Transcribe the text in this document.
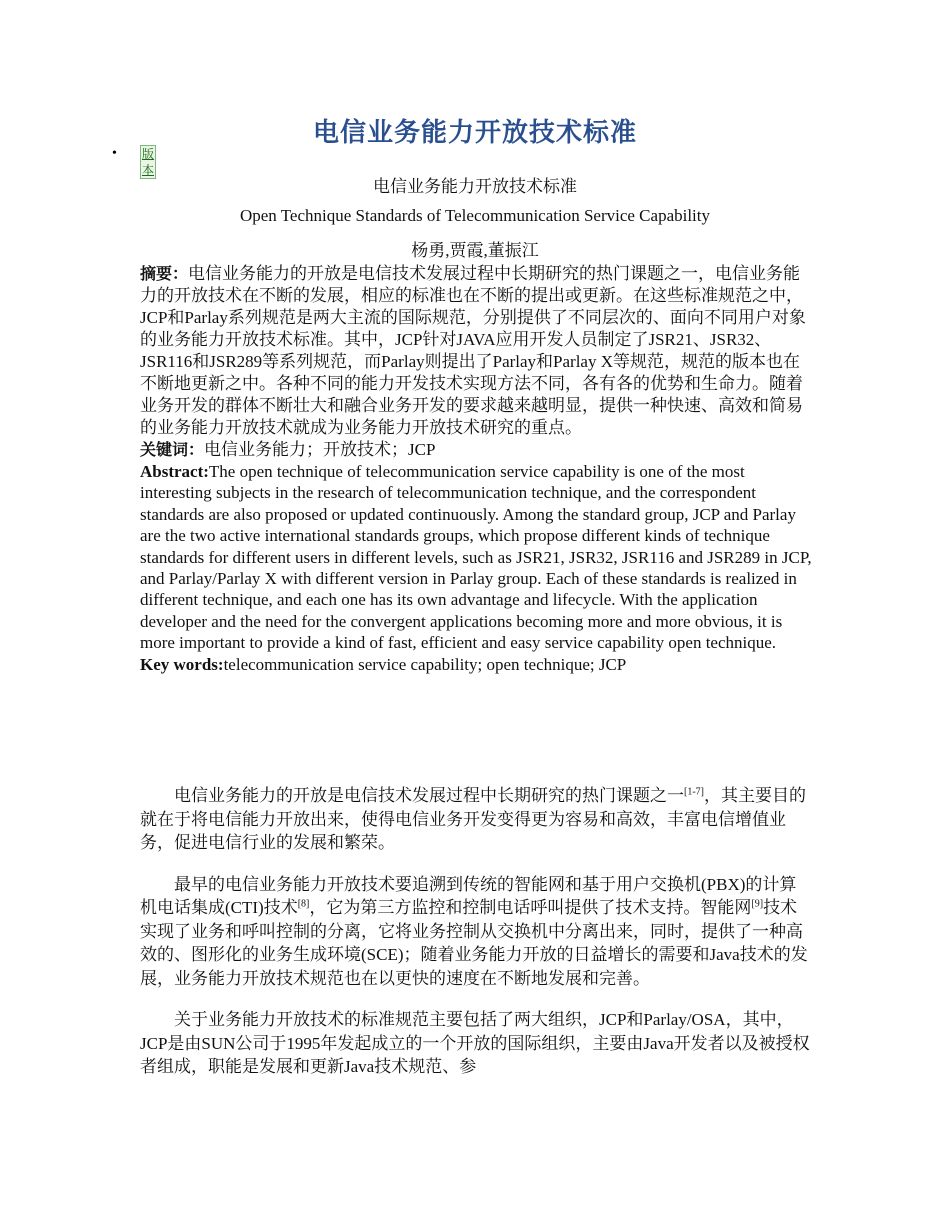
电信业务能力开放技术标准
• 版本
电信业务能力开放技术标准
Open Technique Standards of Telecommunication Service Capability
杨勇,贾霞,董振江

摘要：电信业务能力的开放是电信技术发展过程中长期研究的热门课题之一，电信业务能力的开放技术在不断的发展，相应的标准也在不断的提出或更新。在这些标准规范之中，JCP和Parlay系列规范是两大主流的国际规范，分别提供了不同层次的、面向不同用户对象的业务能力开放技术标准。其中，JCP针对JAVA应用开发人员制定了JSR21、JSR32、JSR116和JSR289等系列规范，而Parlay则提出了Parlay和Parlay X等规范，规范的版本也在不断地更新之中。各种不同的能力开发技术实现方法不同，各有各的优势和生命力。随着业务开发的群体不断壮大和融合业务开发的要求越来越明显，提供一种快速、高效和简易的业务能力开放技术就成为业务能力开放技术研究的重点。

关键词：电信业务能力；开放技术；JCP

Abstract:The open technique of telecommunication service capability is one of the most interesting subjects in the research of telecommunication technique, and the correspondent standards are also proposed or updated continuously. Among the standard group, JCP and Parlay are the two active international standards groups, which propose different kinds of technique standards for different users in different levels, such as JSR21, JSR32, JSR116 and JSR289 in JCP, and Parlay/Parlay X with different version in Parlay group. Each of these standards is realized in different technique, and each one has its own advantage and lifecycle. With the application developer and the need for the convergent applications becoming more and more obvious, it is more important to provide a kind of fast, efficient and easy service capability open technique.

Key words:telecommunication service capability; open technique; JCP

电信业务能力的开放是电信技术发展过程中长期研究的热门课题之一[1-7]，其主要目的就在于将电信能力开放出来，使得电信业务开发变得更为容易和高效，丰富电信增值业务，促进电信行业的发展和繁荣。

最早的电信业务能力开放技术要追溯到传统的智能网和基于用户交换机(PBX)的计算机电话集成(CTI)技术[8]，它为第三方监控和控制电话呼叫提供了技术支持。智能网[9]技术实现了业务和呼叫控制的分离，它将业务控制从交换机中分离出来，同时，提供了一种高效的、图形化的业务生成环境(SCE)；随着业务能力开放的日益增长的需要和Java技术的发展，业务能力开放技术规范也在以更快的速度在不断地发展和完善。

关于业务能力开放技术的标准规范主要包括了两大组织，JCP和Parlay/OSA，其中，JCP是由SUN公司于1995年发起成立的一个开放的国际组织，主要由Java开发者以及被授权者组成，职能是发展和更新Java技术规范、参
